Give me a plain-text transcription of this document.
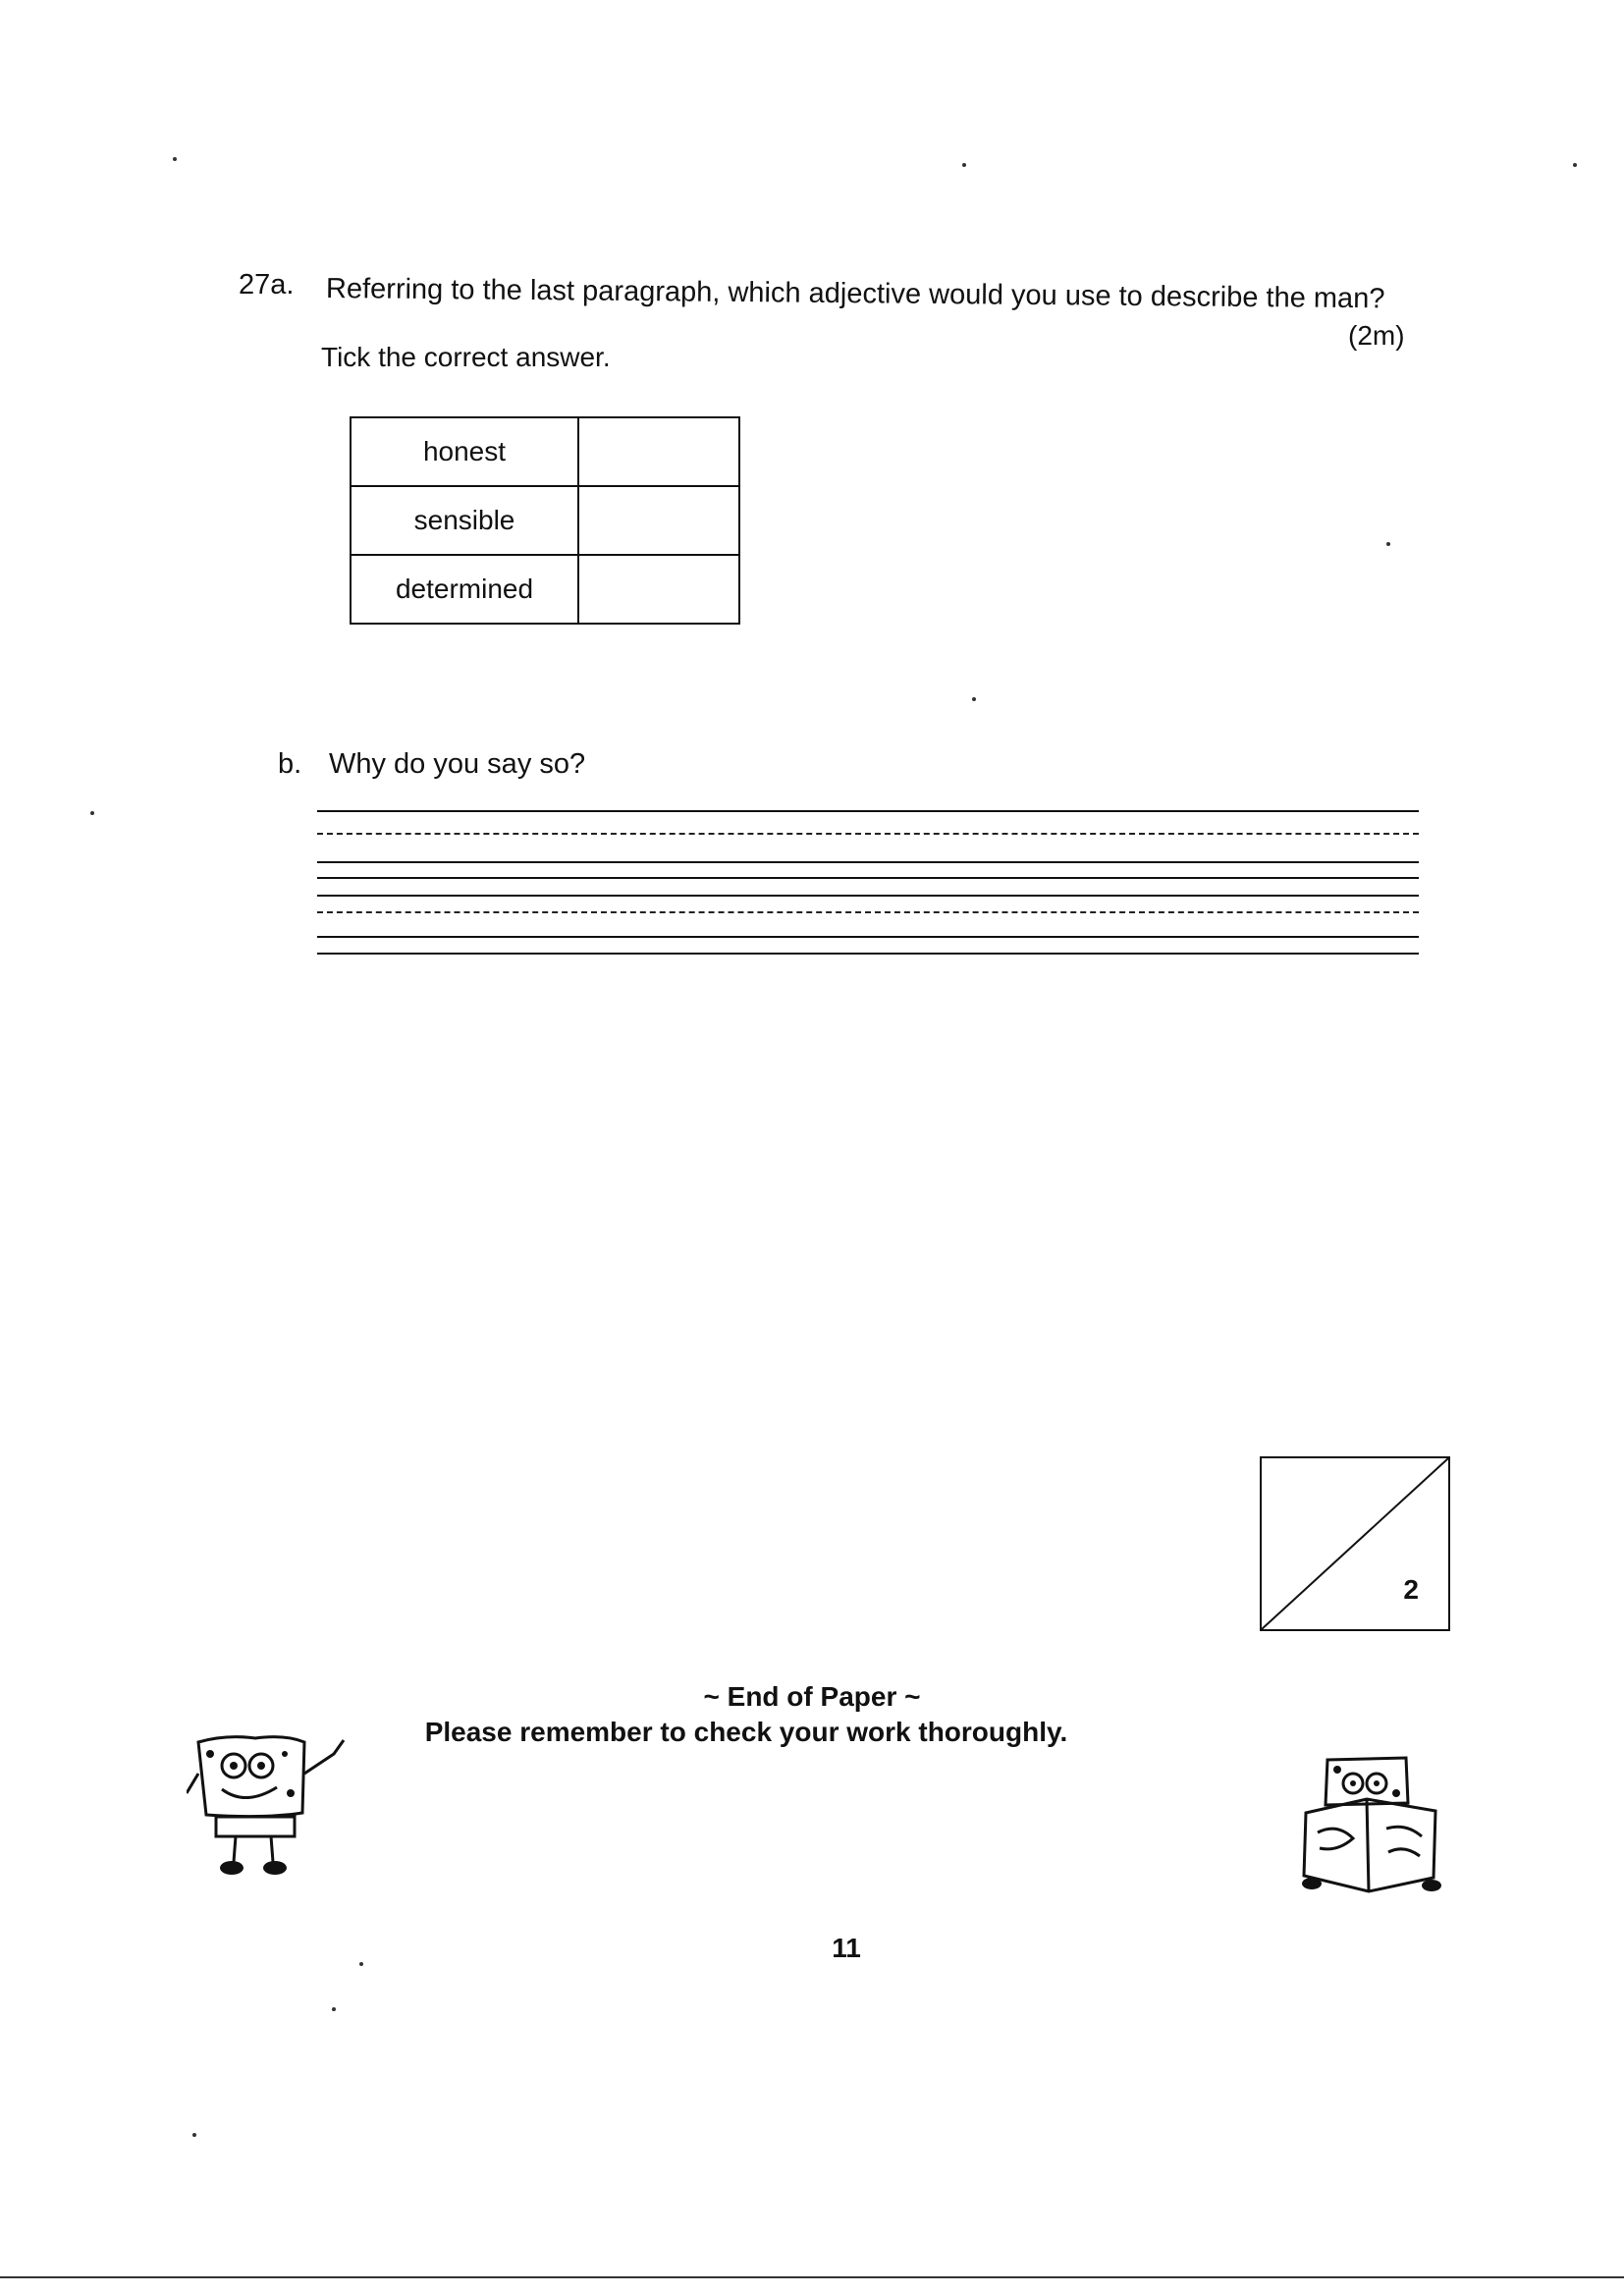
27a. Referring to the last paragraph, which adjective would you use to describe the man?
(2m)
Tick the correct answer.
honest	
sensible	
determined	
b. Why do you say so?
2
~ End of Paper ~
Please remember to check your work thoroughly.
11
